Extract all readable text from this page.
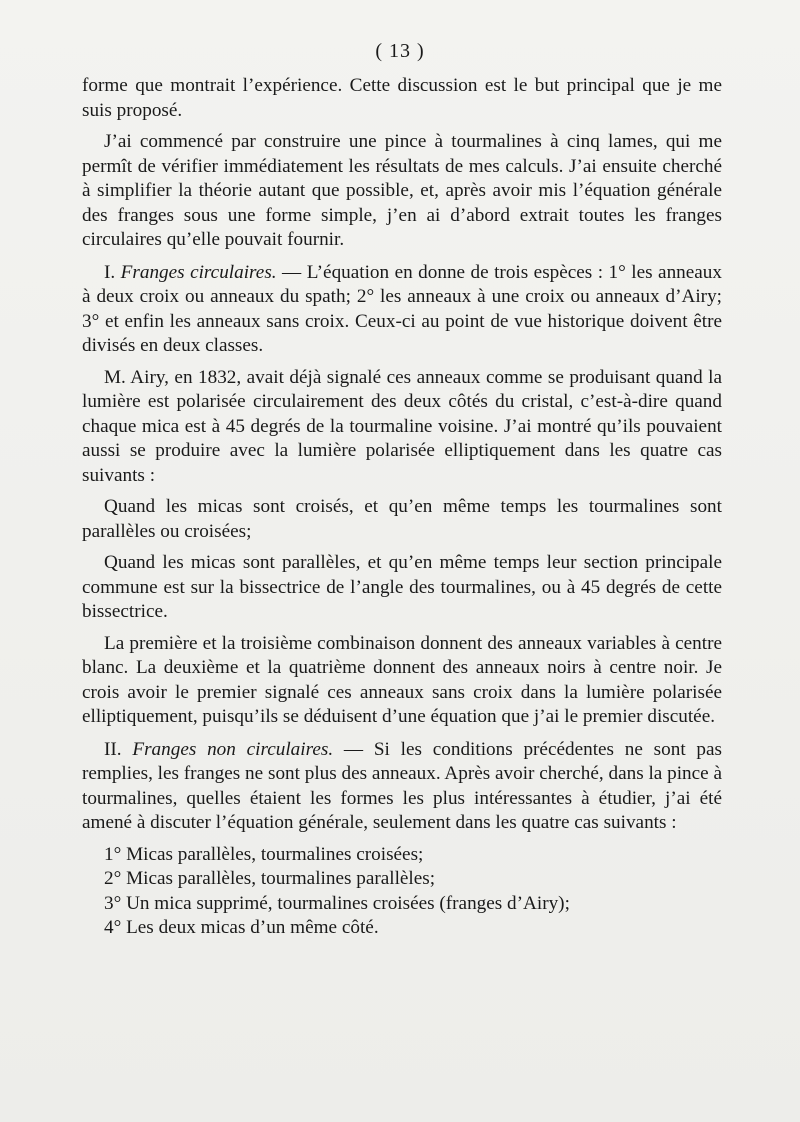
( 13 )

forme que montrait l’expérience. Cette discussion est le but principal que je me suis proposé.

J’ai commencé par construire une pince à tourmalines à cinq lames, qui me permît de vérifier immédiatement les résultats de mes calculs. J’ai ensuite cherché à simplifier la théorie autant que possible, et, après avoir mis l’équation générale des franges sous une forme simple, j’en ai d’abord extrait toutes les franges circulaires qu’elle pouvait fournir.

I. Franges circulaires. — L’équation en donne de trois espèces : 1° les anneaux à deux croix ou anneaux du spath; 2° les anneaux à une croix ou anneaux d’Airy; 3° et enfin les anneaux sans croix. Ceux-ci au point de vue historique doivent être divisés en deux classes.

M. Airy, en 1832, avait déjà signalé ces anneaux comme se produisant quand la lumière est polarisée circulairement des deux côtés du cristal, c’est-à-dire quand chaque mica est à 45 degrés de la tourmaline voisine. J’ai montré qu’ils pouvaient aussi se produire avec la lumière polarisée elliptiquement dans les quatre cas suivants :

Quand les micas sont croisés, et qu’en même temps les tourmalines sont parallèles ou croisées;

Quand les micas sont parallèles, et qu’en même temps leur section principale commune est sur la bissectrice de l’angle des tourmalines, ou à 45 degrés de cette bissectrice.

La première et la troisième combinaison donnent des anneaux variables à centre blanc. La deuxième et la quatrième donnent des anneaux noirs à centre noir. Je crois avoir le premier signalé ces anneaux sans croix dans la lumière polarisée elliptiquement, puisqu’ils se déduisent d’une équation que j’ai le premier discutée.

II. Franges non circulaires. — Si les conditions précédentes ne sont pas remplies, les franges ne sont plus des anneaux. Après avoir cherché, dans la pince à tourmalines, quelles étaient les formes les plus intéressantes à étudier, j’ai été amené à discuter l’équation générale, seulement dans les quatre cas suivants :

1° Micas parallèles, tourmalines croisées;

2° Micas parallèles, tourmalines parallèles;

3° Un mica supprimé, tourmalines croisées (franges d’Airy);

4° Les deux micas d’un même côté.
